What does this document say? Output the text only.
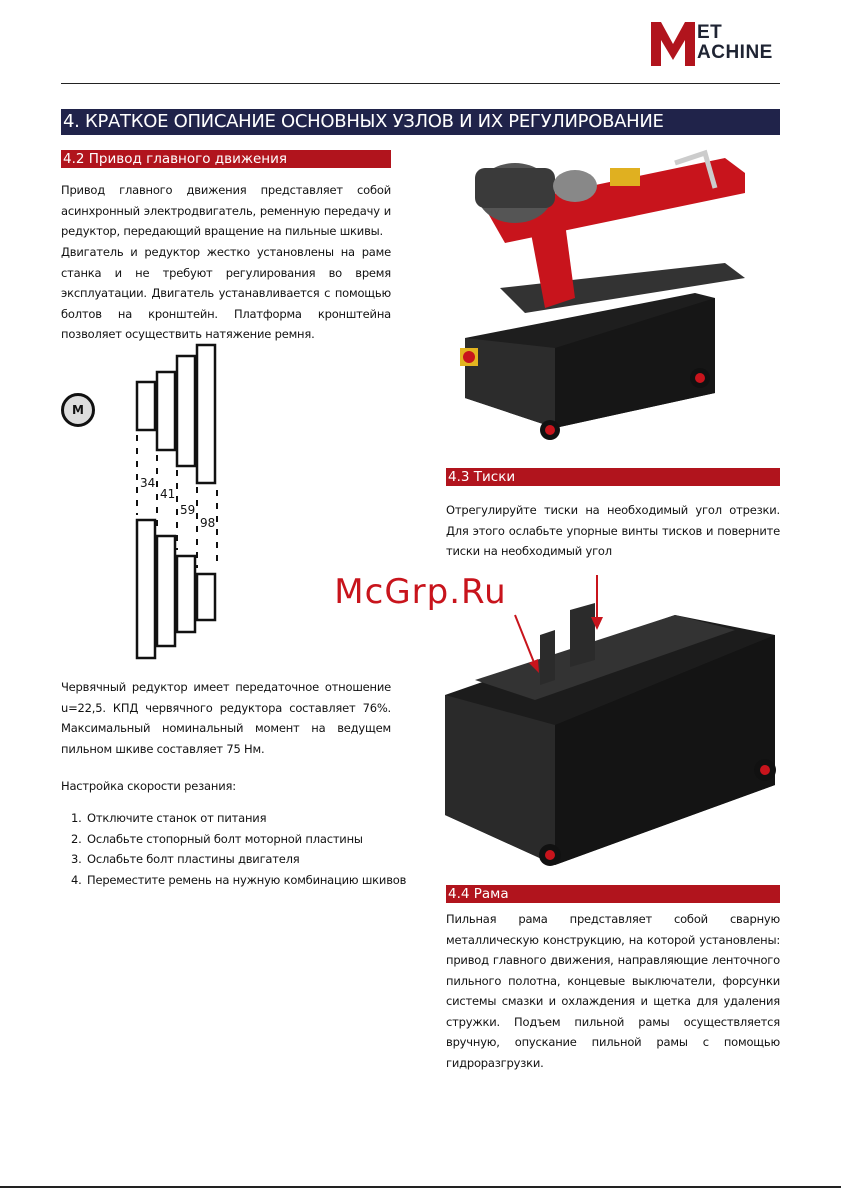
ET
ACHINE
4. КРАТКОЕ ОПИСАНИЕ ОСНОВНЫХ УЗЛОВ И ИХ РЕГУЛИРОВАНИЕ
4.2 Привод главного движения
Привод главного движения представляет собой асинхронный электродвигатель, ременную передачу и редуктор, передающий вращение на пильные шкивы.
Двигатель и редуктор жестко установлены на раме станка и не требуют регулирования во время эксплуатации. Двигатель устанавливается с помощью болтов на кронштейн. Платформа кронштейна позволяет осуществить натяжение ремня.
M
34
41
59
98
Червячный редуктор имеет передаточное отношение u=22,5. КПД червячного редуктора составляет 76%. Максимальный номинальный момент на ведущем пильном шкиве составляет 75 Нм.
Настройка скорости резания:
1. Отключите станок от питания
2. Ослабьте стопорный болт моторной пластины
3. Ослабьте болт пластины двигателя
4. Переместите ремень на нужную комбинацию шкивов
4.3 Тиски
Отрегулируйте тиски на необходимый угол отрезки. Для этого ослабьте упорные винты тисков и поверните тиски на необходимый угол
McGrp.Ru
4.4 Рама
Пильная рама представляет собой сварную металлическую конструкцию, на которой установлены: привод главного движения, направляющие ленточного пильного полотна, концевые выключатели, форсунки системы смазки и охлаждения и щетка для удаления стружки. Подъем пильной рамы осуществляется вручную, опускание пильной рамы с помощью гидроразгрузки.
